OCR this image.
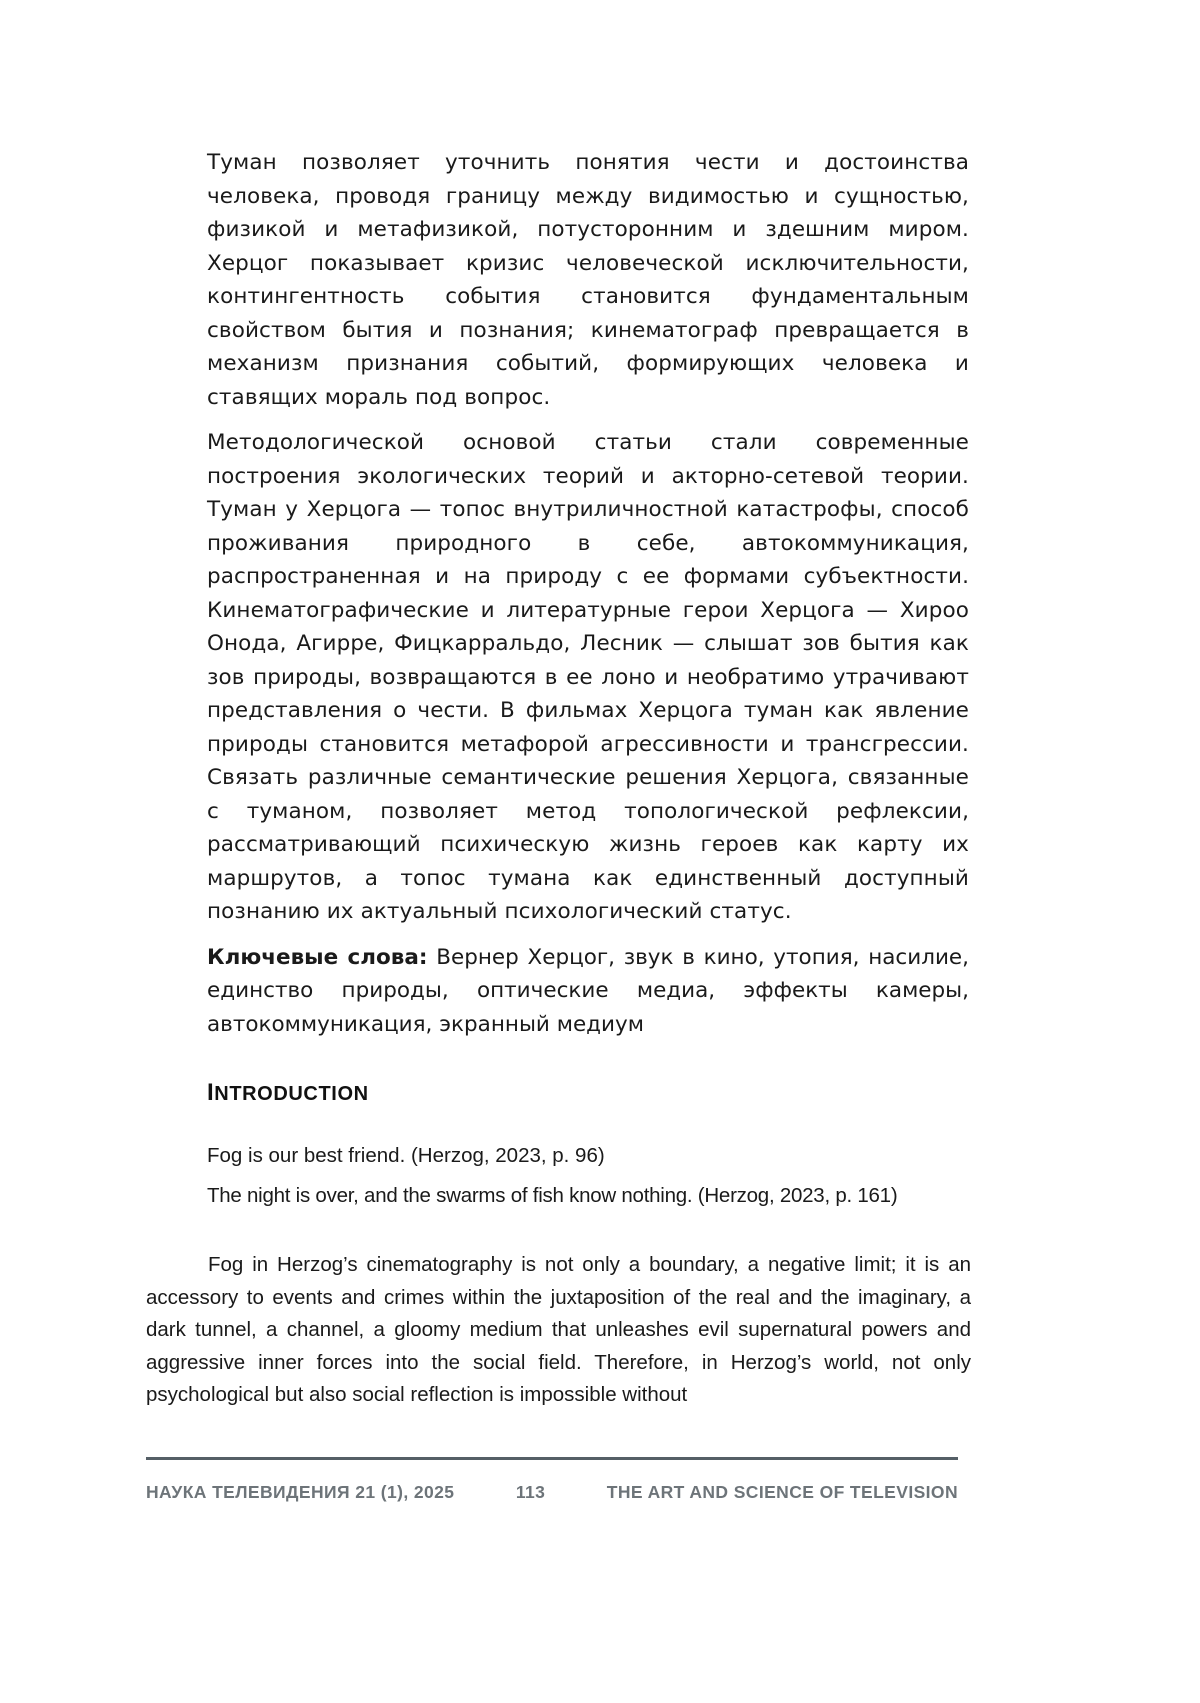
Туман позволяет уточнить понятия чести и достоинства человека, проводя границу между видимостью и сущностью, физикой и метафизикой, потусторонним и здешним миром. Херцог показывает кризис человеческой исключительности, контингентность события становится фундаментальным свойством бытия и познания; кинематограф превращается в механизм признания событий, формирующих человека и ставящих мораль под вопрос.

Методологической основой статьи стали современные построения экологических теорий и акторно-сетевой теории. Туман у Херцога — топос внутриличностной катастрофы, способ проживания природного в себе, автокоммуникация, распространенная и на природу с ее формами субъектности. Кинематографические и литературные герои Херцога — Хироо Онода, Агирре, Фицкарральдо, Лесник — слышат зов бытия как зов природы, возвращаются в ее лоно и необратимо утрачивают представления о чести. В фильмах Херцога туман как явление природы становится метафорой агрессивности и трансгрессии. Связать различные семантические решения Херцога, связанные с туманом, позволяет метод топологической рефлексии, рассматривающий психическую жизнь героев как карту их маршрутов, а топос тумана как единственный доступный познанию их актуальный психологический статус.

Ключевые слова: Вернер Херцог, звук в кино, утопия, насилие, единство природы, оптические медиа, эффекты камеры, автокоммуникация, экранный медиум

INTRODUCTION

Fog is our best friend. (Herzog, 2023, p. 96)

The night is over, and the swarms of fish know nothing. (Herzog, 2023, p. 161)

Fog in Herzog’s cinematography is not only a boundary, a negative limit; it is an accessory to events and crimes within the juxtaposition of the real and the imaginary, a dark tunnel, a channel, a gloomy medium that unleashes evil supernatural powers and aggressive inner forces into the social field. Therefore, in Herzog’s world, not only psychological but also social reflection is impossible without

НАУКА ТЕЛЕВИДЕНИЯ 21 (1), 2025	113	THE ART AND SCIENCE OF TELEVISION
